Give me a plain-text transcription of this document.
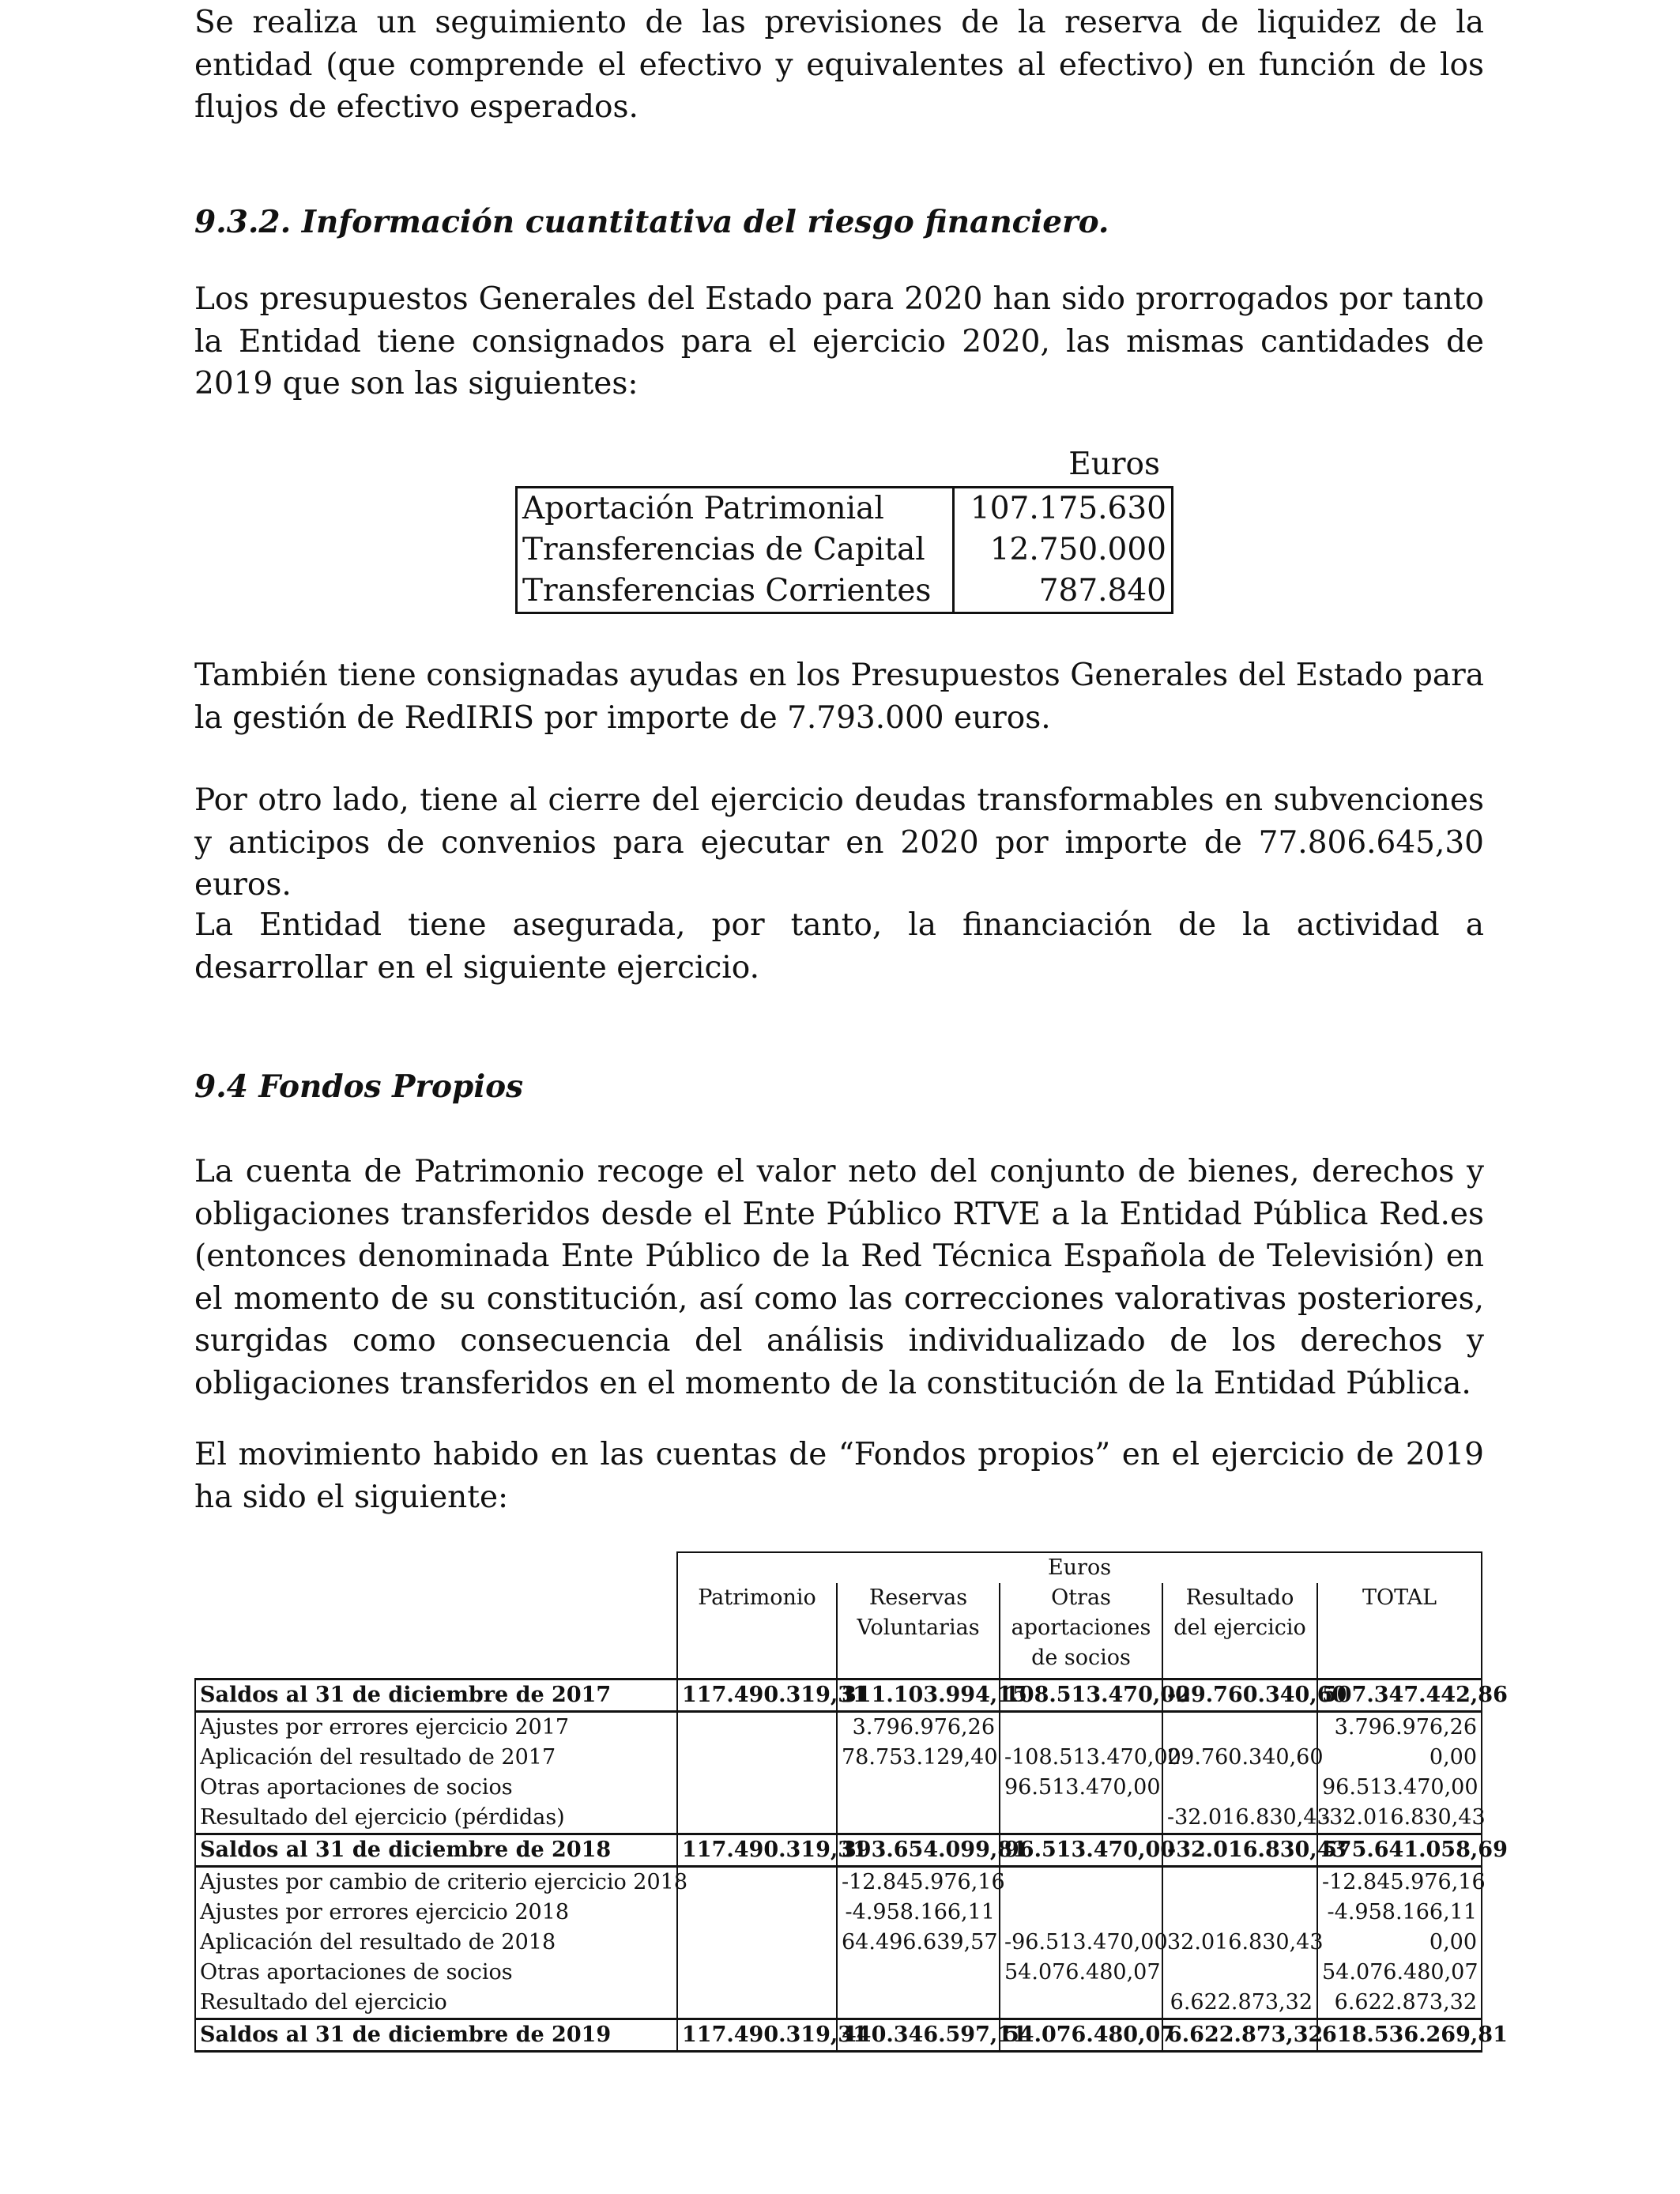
Se realiza un seguimiento de las previsiones de la reserva de liquidez de la entidad (que comprende el efectivo y equivalentes al efectivo) en función de los flujos de efectivo esperados.

9.3.2. Información cuantitativa del riesgo financiero.

Los presupuestos Generales del Estado para 2020 han sido prorrogados por tanto la Entidad tiene consignados para el ejercicio 2020, las mismas cantidades de 2019 que son las siguientes:

Euros
Aportación Patrimonial	107.175.630
Transferencias de Capital	12.750.000
Transferencias Corrientes	787.840

También tiene consignadas ayudas en los Presupuestos Generales del Estado para la gestión de RedIRIS por importe de 7.793.000 euros.

Por otro lado, tiene al cierre del ejercicio deudas transformables en subvenciones y anticipos de convenios para ejecutar en 2020 por importe de 77.806.645,30 euros.

La Entidad tiene asegurada, por tanto, la financiación de la actividad a desarrollar en el siguiente ejercicio.

9.4 Fondos Propios

La cuenta de Patrimonio recoge el valor neto del conjunto de bienes, derechos y obligaciones transferidos desde el Ente Público RTVE a la Entidad Pública Red.es (entonces denominada Ente Público de la Red Técnica Española de Televisión) en el momento de su constitución, así como las correcciones valorativas posteriores, surgidas como consecuencia del análisis individualizado de los derechos y obligaciones transferidos en el momento de la constitución de la Entidad Pública.

El movimiento habido en las cuentas de “Fondos propios” en el ejercicio de 2019 ha sido el siguiente:

	Euros				
	Patrimonio	Reservas Voluntarias	Otras aportaciones de socios	Resultado del ejercicio	TOTAL
Saldos al 31 de diciembre de 2017	117.490.319,31	311.103.994,15	108.513.470,00	-29.760.340,60	507.347.442,86
Ajustes por errores ejercicio 2017		3.796.976,26			3.796.976,26
Aplicación del resultado de 2017		78.753.129,40	-108.513.470,00	29.760.340,60	0,00
Otras aportaciones de socios			96.513.470,00		96.513.470,00
Resultado del ejercicio (pérdidas)				-32.016.830,43	-32.016.830,43
Saldos al 31 de diciembre de 2018	117.490.319,31	393.654.099,81	96.513.470,00	-32.016.830,43	575.641.058,69
Ajustes por cambio de criterio ejercicio 2018		-12.845.976,16			-12.845.976,16
Ajustes por errores ejercicio 2018		-4.958.166,11			-4.958.166,11
Aplicación del resultado de 2018		64.496.639,57	-96.513.470,00	32.016.830,43	0,00
Otras aportaciones de socios			54.076.480,07		54.076.480,07
Resultado del ejercicio				6.622.873,32	6.622.873,32
Saldos al 31 de diciembre de 2019	117.490.319,31	440.346.597,11	54.076.480,07	6.622.873,32	618.536.269,81
